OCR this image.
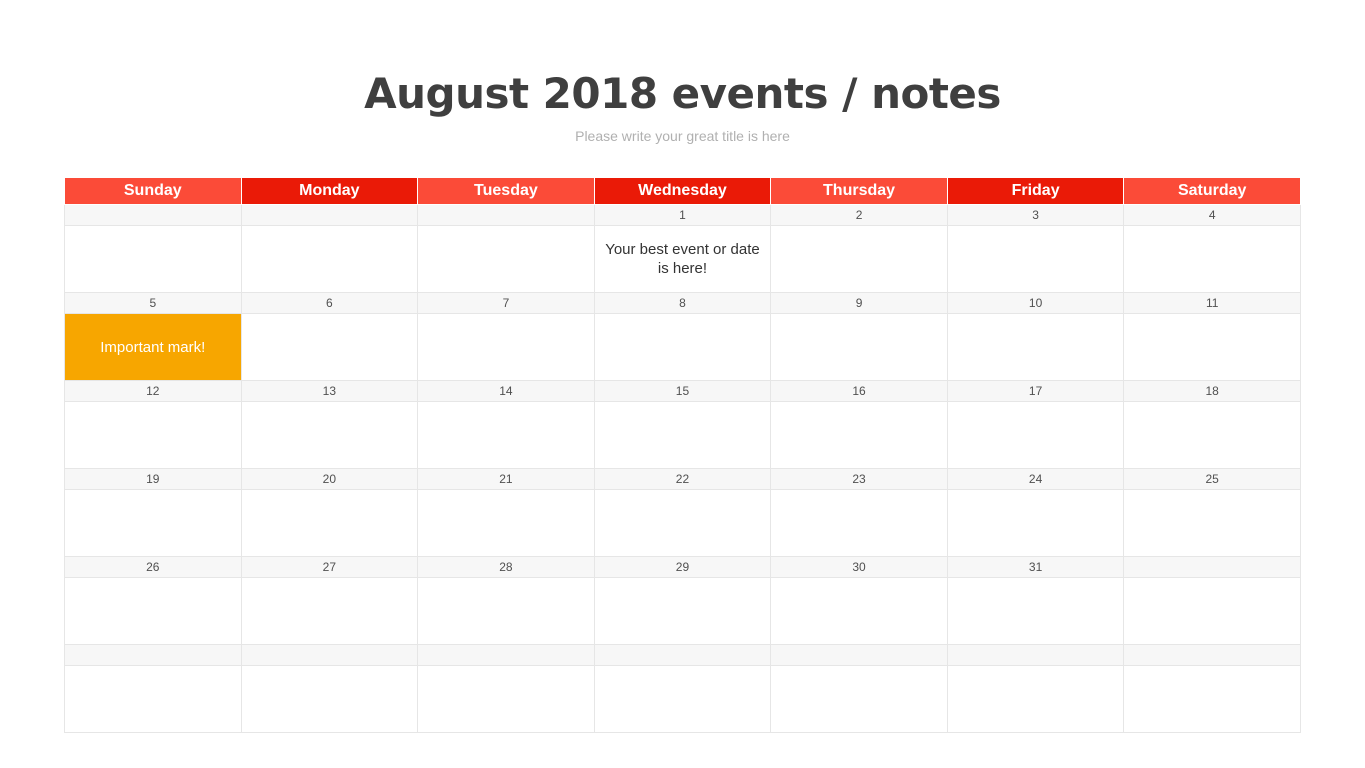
August 2018 events / notes
Please write your great title is here
Sunday	Monday	Tuesday	Wednesday	Thursday	Friday	Saturday
			1	2	3	4
			Your best event or date is here!			
5	6	7	8	9	10	11
Important mark!						
12	13	14	15	16	17	18

19	20	21	22	23	24	25

26	27	28	29	30	31	
